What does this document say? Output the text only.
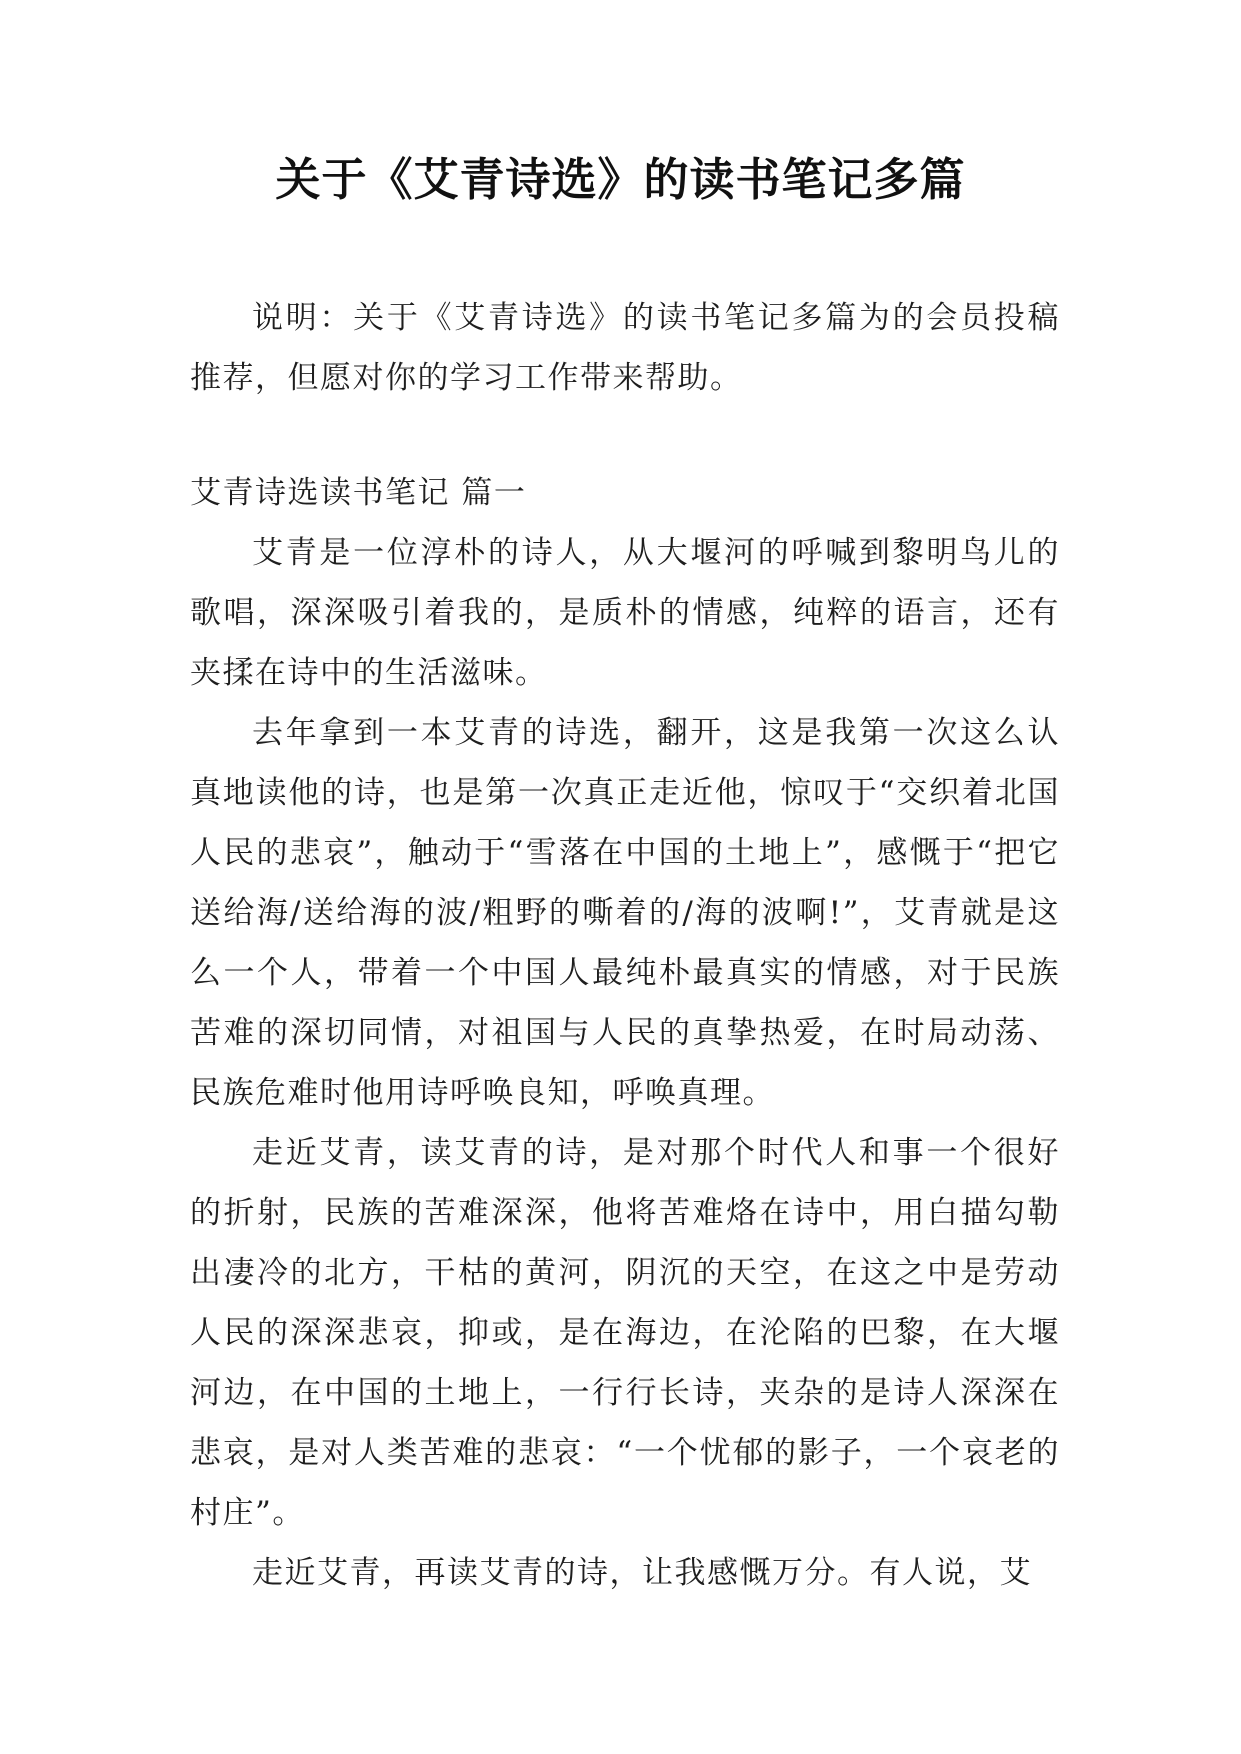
关于《艾青诗选》的读书笔记多篇

说明：关于《艾青诗选》的读书笔记多篇为的会员投稿推荐，但愿对你的学习工作带来帮助。

艾青诗选读书笔记 篇一

艾青是一位淳朴的诗人，从大堰河的呼喊到黎明鸟儿的歌唱，深深吸引着我的，是质朴的情感，纯粹的语言，还有夹揉在诗中的生活滋味。

去年拿到一本艾青的诗选，翻开，这是我第一次这么认真地读他的诗，也是第一次真正走近他，惊叹于“交织着北国人民的悲哀”，触动于“雪落在中国的土地上”，感慨于“把它送给海/送给海的波/粗野的嘶着的/海的波啊!”，艾青就是这么一个人，带着一个中国人最纯朴最真实的情感，对于民族苦难的深切同情，对祖国与人民的真挚热爱，在时局动荡、民族危难时他用诗呼唤良知，呼唤真理。

走近艾青，读艾青的诗，是对那个时代人和事一个很好的折射，民族的苦难深深，他将苦难烙在诗中，用白描勾勒出凄冷的北方，干枯的黄河，阴沉的天空，在这之中是劳动人民的深深悲哀，抑或，是在海边，在沦陷的巴黎，在大堰河边，在中国的土地上，一行行长诗，夹杂的是诗人深深在悲哀，是对人类苦难的悲哀：“一个忧郁的影子，一个哀老的村庄”。

走近艾青，再读艾青的诗，让我感慨万分。有人说，艾
